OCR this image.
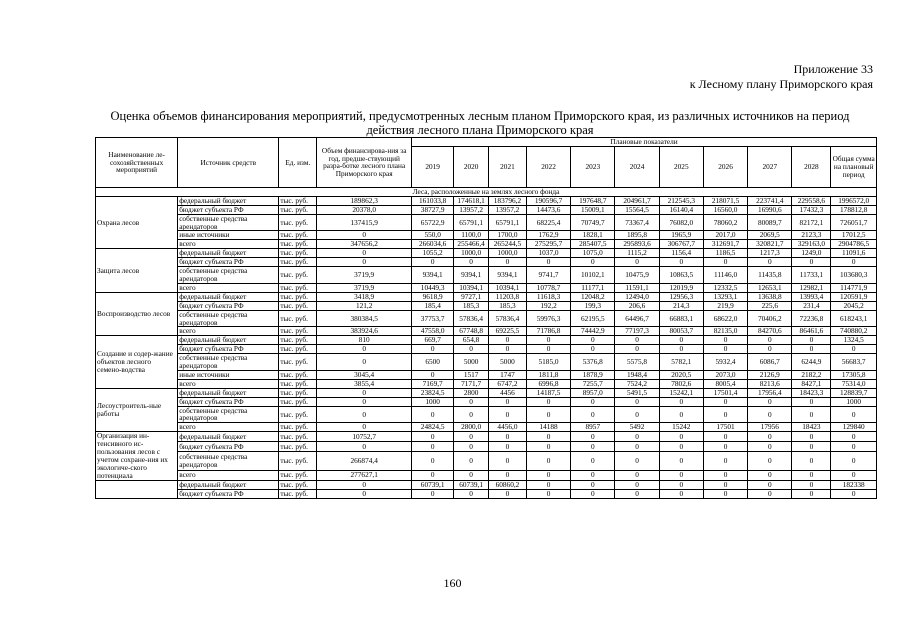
Приложение 33
к Лесному плану Приморского края
Оценка объемов финансирования мероприятий, предусмотренных лесным планом Приморского края, из различных источников на период
действия лесного плана Приморского края
Наименование ле-сохозяйственных мероприятий	Источник средств	Ед. изм.	Объем финансирова-ния за год, предше-ствующий разра-ботке лесного плана Приморского края	Плановые показатели										
				2019	2020	2021	2022	2023	2024	2025	2026	2027	2028	Общая сумма на плановый период
Леса, расположенные на землях лесного фонда														
Охрана лесов	федеральный бюджет	тыс. руб.	189862,3	161033,8	174618,1	183796,2	190596,7	197648,7	204961,7	212545,3	218071,5	223741,4	229558,6	1996572,0
	бюджет субъекта РФ	тыс. руб.	20378,0	38727,9	13957,2	13957,2	14473,6	15009,1	15564,5	16140,4	16560,0	16990,6	17432,3	178812,8
	собственные средства арендаторов	тыс. руб.	137415,9	65722,9	65791,1	65791,1	68225,4	70749,7	73367,4	76082,0	78060,2	80089,7	82172,1	726051,7
	иные источники	тыс. руб.	0	550,0	1100,0	1700,0	1762,9	1828,1	1895,8	1965,9	2017,0	2069,5	2123,3	17012,5
	всего	тыс. руб.	347656,2	266034,6	255466,4	265244,5	275295,7	285407,5	295893,6	306767,7	312691,7	320821,7	329163,0	2904786,5
Защита лесов	федеральный бюджет	тыс. руб.	0	1055,2	1000,0	1000,0	1037,0	1075,0	1115,2	1156,4	1186,5	1217,3	1249,0	11091,6
	бюджет субъекта РФ	тыс. руб.	0	0	0	0	0	0	0	0	0	0	0	0
	собственные средства арендаторов	тыс. руб.	3719,9	9394,1	9394,1	9394,1	9741,7	10102,1	10475,9	10863,5	11146,0	11435,8	11733,1	103680,3
	всего	тыс. руб.	3719,9	10449,3	10394,1	10394,1	10778,7	11177,1	11591,1	12019,9	12332,5	12653,1	12982,1	114771,9
Воспроизводство лесов	федеральный бюджет	тыс. руб.	3418,9	9618,9	9727,1	11203,8	11618,3	12048,2	12494,0	12956,3	13293,1	13638,8	13993,4	120591,9
	бюджет субъекта РФ	тыс. руб.	121,2	185,4	185,3	185,3	192,2	199,3	206,6	214,3	219,9	225,6	231,4	2045,2
	собственные средства арендаторов	тыс. руб.	380384,5	37753,7	57836,4	57836,4	59976,3	62195,5	64496,7	66883,1	68622,0	70406,2	72236,8	618243,1
	всего	тыс. руб.	383924,6	47558,0	67748,8	69225,5	71786,8	74442,9	77197,3	80053,7	82135,0	84270,6	86461,6	740880,2
Создание и содер-жание объектов лесного семено-водства	федеральный бюджет	тыс. руб.	810	669,7	654,8	0	0	0	0	0	0	0	0	1324,5
	бюджет субъекта РФ	тыс. руб.	0	0	0	0	0	0	0	0	0	0	0	0
	собственные средства арендаторов	тыс. руб.	0	6500	5000	5000	5185,0	5376,8	5575,8	5782,1	5932,4	6086,7	6244,9	56683,7
	иные источники	тыс. руб.	3045,4	0	1517	1747	1811,8	1878,9	1948,4	2020,5	2073,0	2126,9	2182,2	17305,8
	всего	тыс. руб.	3855,4	7169,7	7171,7	6747,2	6996,8	7255,7	7524,2	7802,6	8005,4	8213,6	8427,1	75314,0
Лесоустроитель-ные работы	федеральный бюджет	тыс. руб.	0	23824,5	2800	4456	14187,5	8957,0	5491,5	15242,1	17501,4	17956,4	18423,3	128839,7
	бюджет субъекта РФ	тыс. руб.	0	1000	0	0	0	0	0	0	0	0	0	1000
	собственные средства арендаторов	тыс. руб.	0	0	0	0	0	0	0	0	0	0	0	0
	всего	тыс. руб.	0	24824,5	2800,0	4456,0	14188	8957	5492	15242	17501	17956	18423	129840
Организация ин-тенсивного ис-пользования лесов с учетом сохране-ния их экологиче-ского потенциала	федеральный бюджет	тыс. руб.	10752,7	0	0	0	0	0	0	0	0	0	0	0
	бюджет субъекта РФ	тыс. руб.	0	0	0	0	0	0	0	0	0	0	0	0
	собственные средства арендаторов	тыс. руб.	266874,4	0	0	0	0	0	0	0	0	0	0	0
	всего	тыс. руб.	277627,1	0	0	0	0	0	0	0	0	0	0	0
	федеральный бюджет	тыс. руб.	0	60739,1	60739,1	60860,2	0	0	0	0	0	0	0	182338
	бюджет субъекта РФ	тыс. руб.	0	0	0	0	0	0	0	0	0	0	0	0
160
